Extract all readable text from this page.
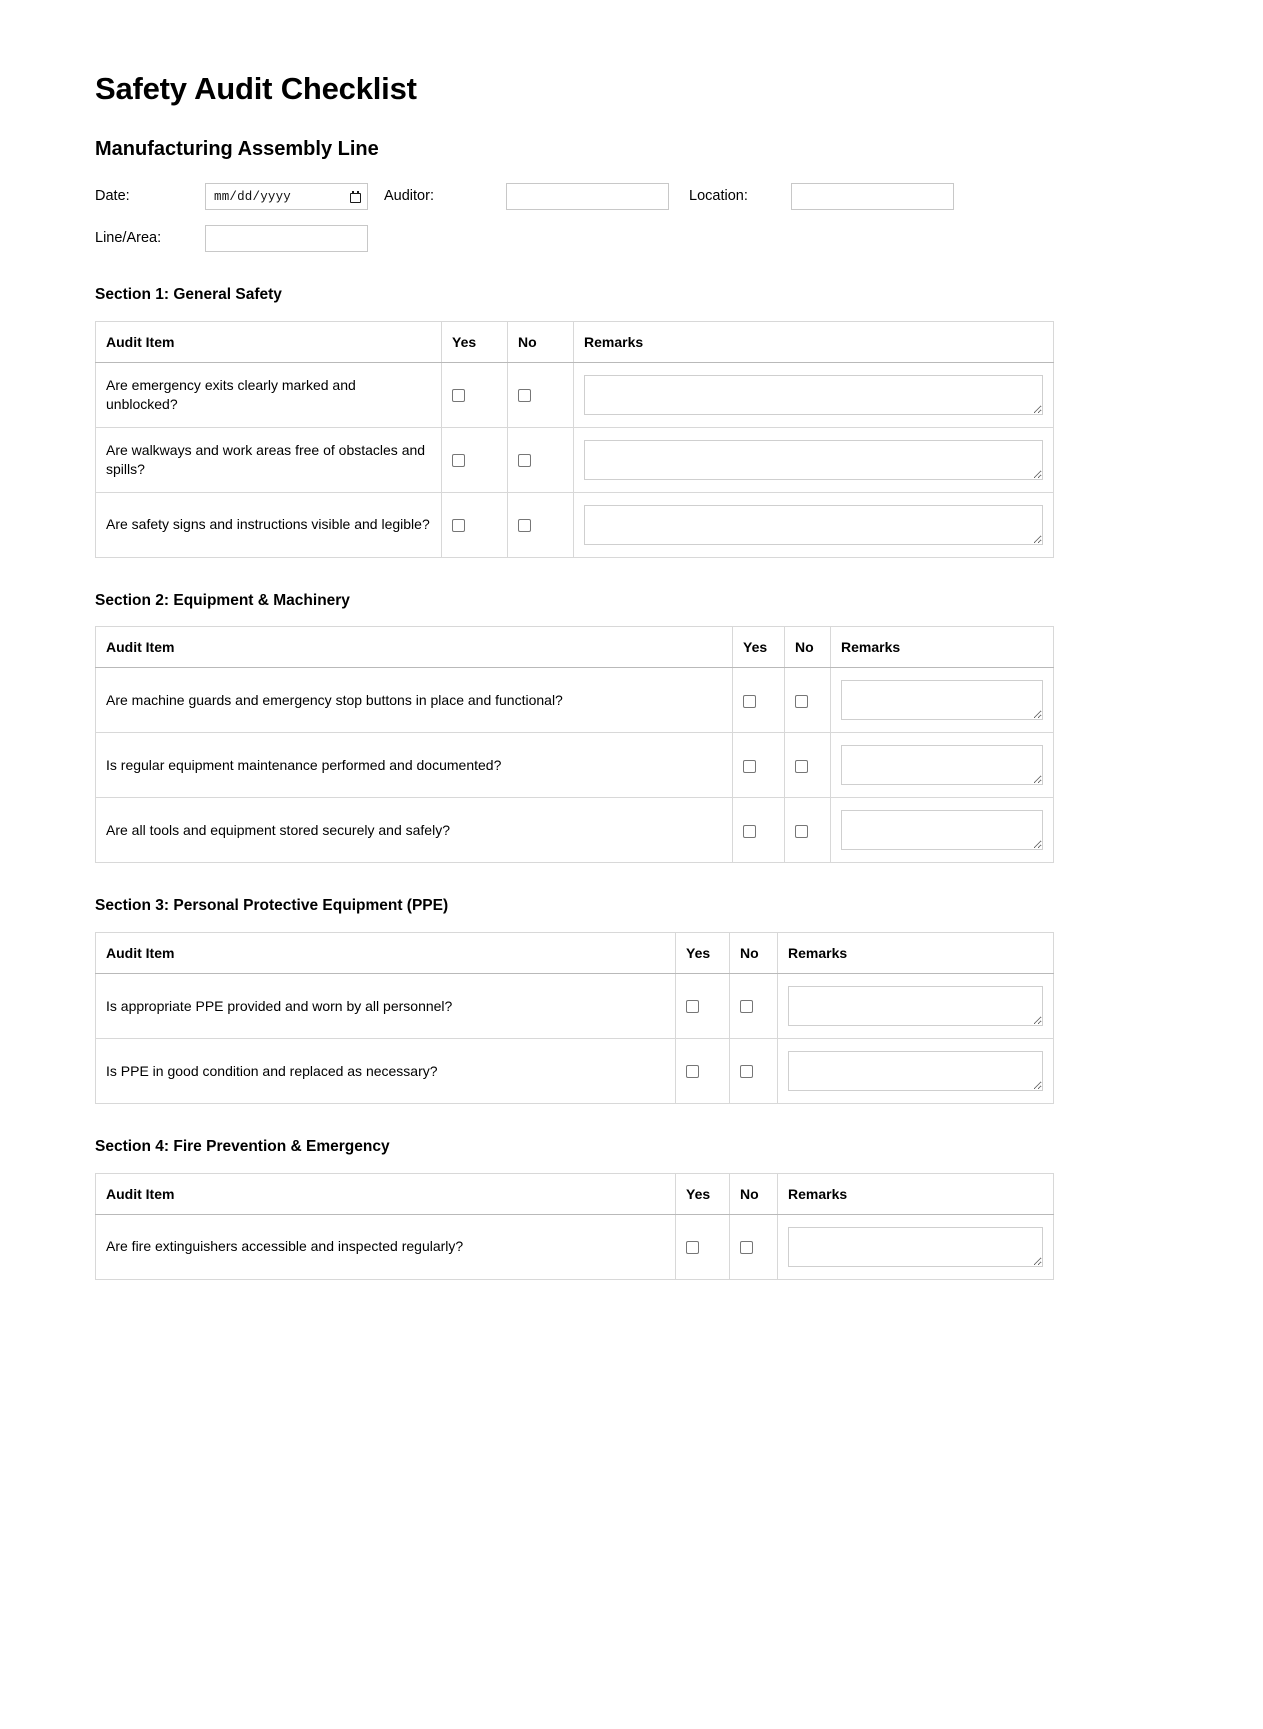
Safety Audit Checklist
Manufacturing Assembly Line
Date:	mm/dd/yyyy	Auditor:	Location:
Line/Area:
Section 1: General Safety
Audit Item	Yes	No	Remarks
Are emergency exits clearly marked and unblocked?			

Are walkways and work areas free of obstacles and spills?			

Are safety signs and instructions visible and legible?			
Section 2: Equipment & Machinery
Audit Item	Yes	No	Remarks
Are machine guards and emergency stop buttons in place and functional?			

Is regular equipment maintenance performed and documented?			

Are all tools and equipment stored securely and safely?			
Section 3: Personal Protective Equipment (PPE)
Audit Item	Yes	No	Remarks
Is appropriate PPE provided and worn by all personnel?			

Is PPE in good condition and replaced as necessary?			
Section 4: Fire Prevention & Emergency
Audit Item	Yes	No	Remarks
Are fire extinguishers accessible and inspected regularly?			
